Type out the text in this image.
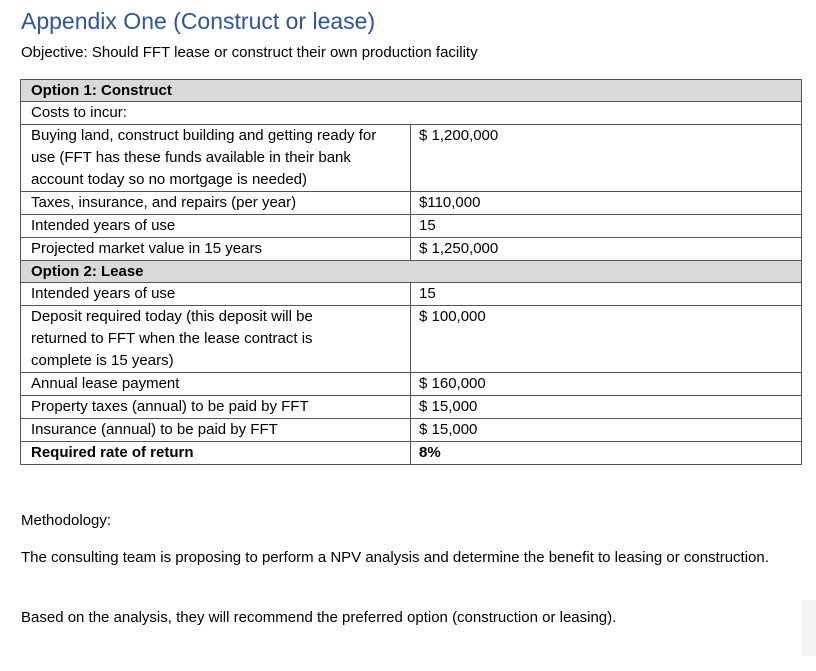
Appendix One (Construct or lease)
Objective: Should FFT lease or construct their own production facility
Option 1: Construct	
Costs to incur:	
Buying land, construct building and getting ready for use (FFT has these funds available in their bank account today so no mortgage is needed)	$ 1,200,000
Taxes, insurance, and repairs (per year)	$110,000
Intended years of use	15
Projected market value in 15 years	$ 1,250,000
Option 2: Lease	
Intended years of use	15
Deposit required today (this deposit will be returned to FFT when the lease contract is complete is 15 years)	$ 100,000
Annual lease payment	$ 160,000
Property taxes (annual) to be paid by FFT	$ 15,000
Insurance (annual) to be paid by FFT	$ 15,000
Required rate of return	8%
Methodology:
The consulting team is proposing to perform a NPV analysis and determine the benefit to leasing or construction.
Based on the analysis, they will recommend the preferred option (construction or leasing).
